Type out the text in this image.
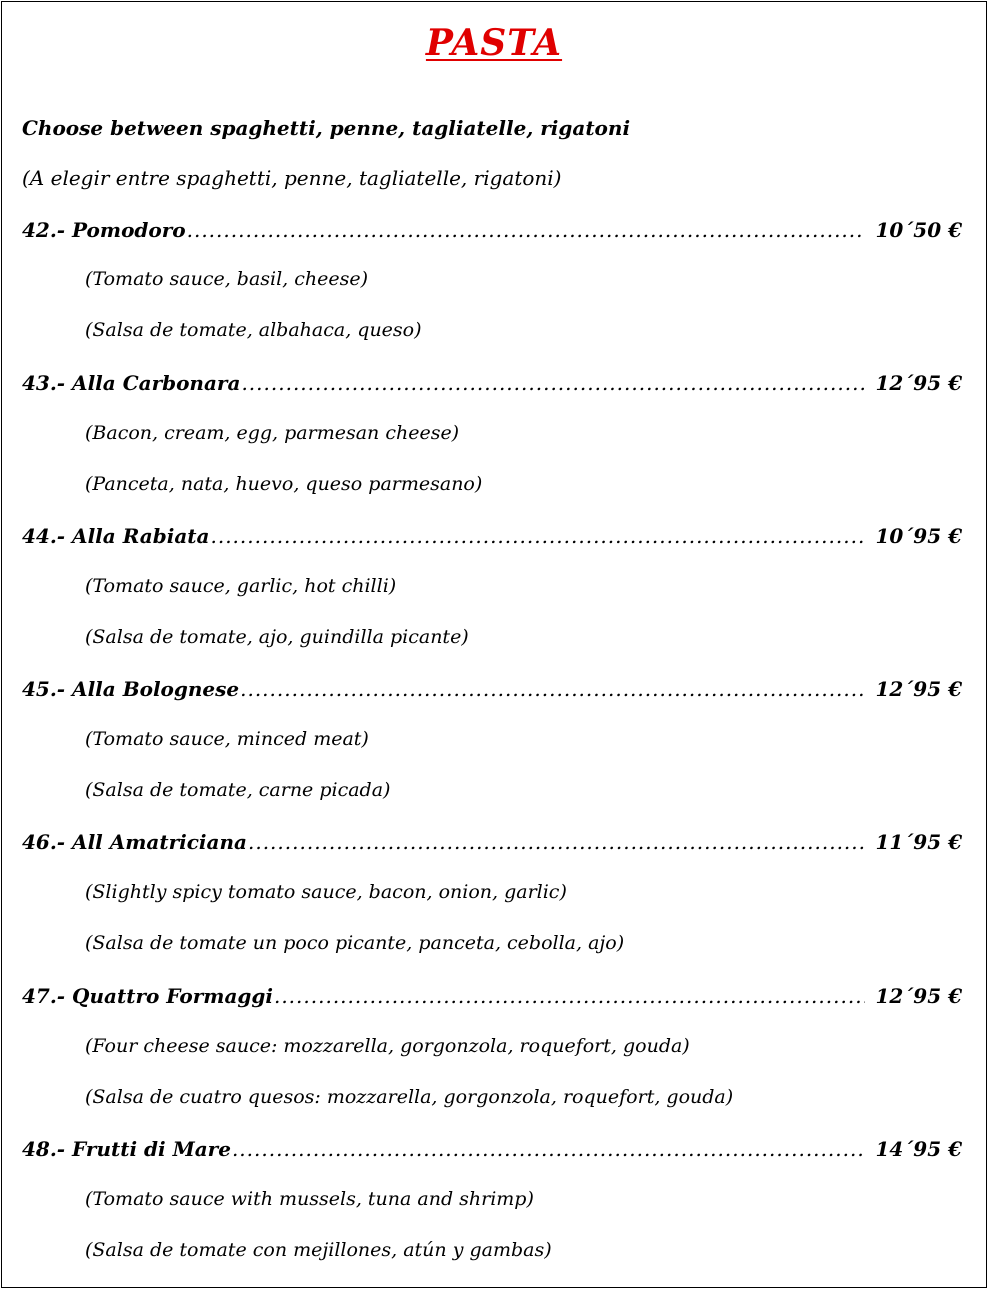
PASTA
Choose between spaghetti, penne, tagliatelle, rigatoni
(A elegir entre spaghetti, penne, tagliatelle, rigatoni)
42.- Pomodoro .....	10´50 €
(Tomato sauce, basil, cheese)
(Salsa de tomate, albahaca, queso)
43.- Alla Carbonara .....	12´95 €
(Bacon, cream, egg, parmesan cheese)
(Panceta, nata, huevo, queso parmesano)
44.- Alla Rabiata .....	10´95 €
(Tomato sauce, garlic, hot chilli)
(Salsa de tomate, ajo, guindilla picante)
45.- Alla Bolognese .....	12´95 €
(Tomato sauce, minced meat)
(Salsa de tomate, carne picada)
46.- All Amatriciana .....	11´95 €
(Slightly spicy tomato sauce, bacon, onion, garlic)
(Salsa de tomate un poco picante, panceta, cebolla, ajo)
47.- Quattro Formaggi .....	12´95 €
(Four cheese sauce: mozzarella, gorgonzola, roquefort, gouda)
(Salsa de cuatro quesos: mozzarella, gorgonzola, roquefort, gouda)
48.- Frutti di Mare .....	14´95 €
(Tomato sauce with mussels, tuna and shrimp)
(Salsa de tomate con mejillones, atún y gambas)
